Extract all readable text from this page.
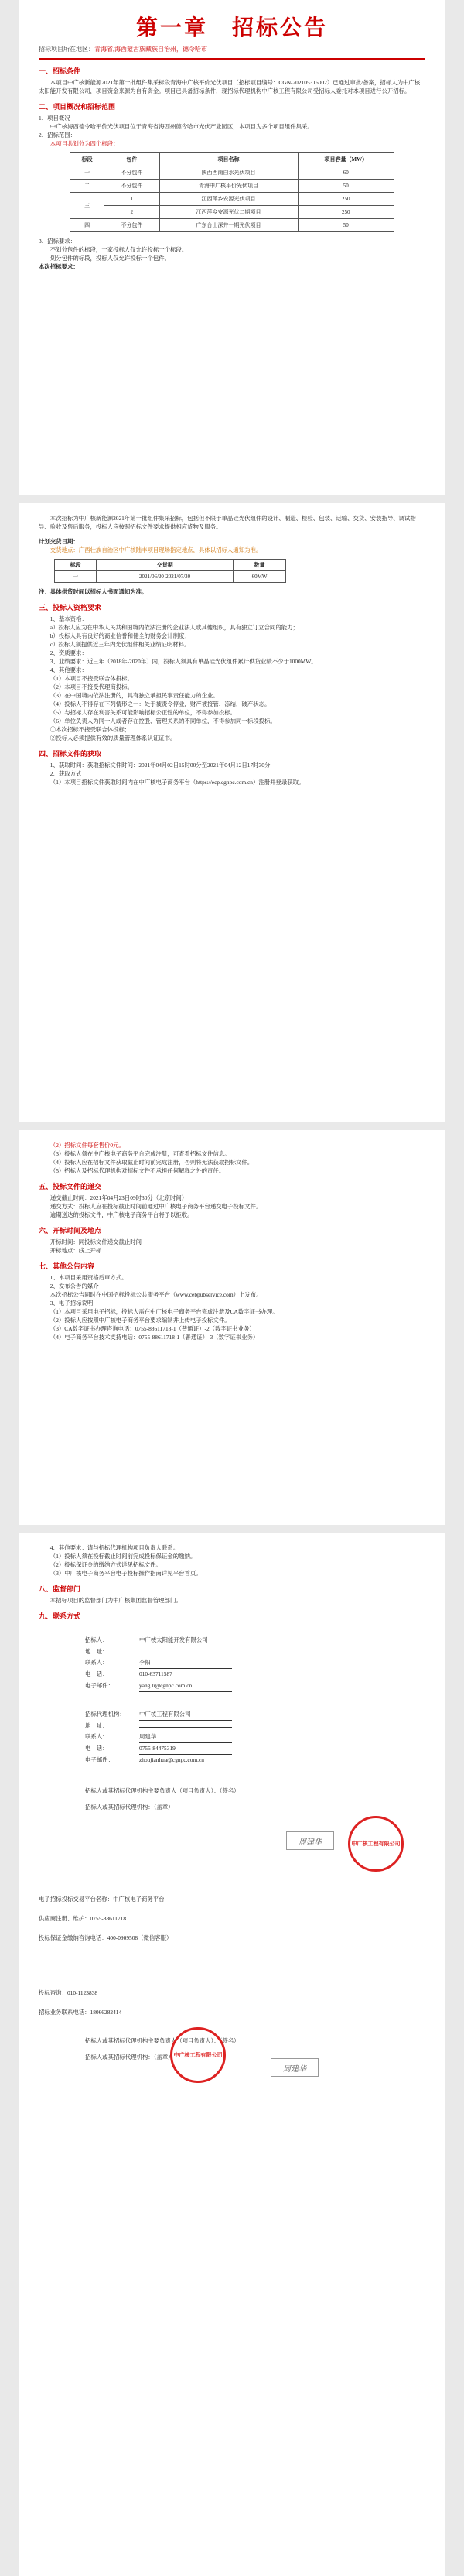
第一章　招标公告
招标项目所在地区：青海省,海西蒙古族藏族自治州，德令哈市
一、招标条件

本项目中广核新能源2021年第一批组件集采标段青海中广核平价光伏项目（招标项目编号：CGN-202105316002）已通过审批/备案，招标人为中广核太阳能开发有限公司，项目资金来源为自有资金。项目已具备招标条件，现招标代理机构中广核工程有限公司受招标人委托对本项目进行公开招标。

二、项目概况和招标范围

1、项目概况

中广核海西德令哈平价光伏项目位于青海省海西州德令哈市光伏产业园区，本项目为多个项目组件集采。

2、招标范围：

本项目共划分为四个标段：

标段	包件	项目名称	项目容量（MW）
一	不分包件	陕西西南白水光伏项目	60
二	不分包件	青海中广核平价光伏项目	50
三	1	江西萍乡安源光伏项目	250
	2	江西萍乡安源光伏二期项目	250
四	不分包件	广东台山深井一期光伏项目	50

3、招标要求：

不划分包件的标段，一家投标人仅允许投标一个标段。

划分包件的标段，投标人仅允许投标一个包件。

本次招标要求：

本次招标为中广核新能源2021年第一批组件集采招标，包括但不限于单晶硅光伏组件的设计、制造、检验、包装、运输、交货、安装指导、调试指导、验收及售后服务，投标人应按照招标文件要求提供相应货物及服务。

计划交货日期：

交货地点：广西壮族自治区中广核陆丰项目现场指定地点，具体以招标人通知为准。

标段	交货期	数量
一	2021/06/20-2021/07/30	60MW

注：具体供货时间以招标人书面通知为准。

三、投标人资格要求

1、基本资格：

a）投标人应为在中华人民共和国境内依法注册的企业法人或其他组织，具有独立订立合同的能力；

b）投标人具有良好的商业信誉和健全的财务会计制度；

c）投标人须提供近三年内光伏组件相关业绩证明材料。

2、资质要求：

3、业绩要求：近三年（2018年-2020年）内，投标人须具有单晶硅光伏组件累计供货业绩不少于1000MW。

4、其他要求：

（1）本项目不接受联合体投标。

（2）本项目不接受代理商投标。

（3）在中国境内依法注册的，具有独立承担民事责任能力的企业。

（4）投标人不得存在下列情形之一：处于被责令停业，财产被接管、冻结，破产状态。

（5）与招标人存在利害关系可能影响招标公正性的单位，不得参加投标。

（6）单位负责人为同一人或者存在控股、管理关系的不同单位，不得参加同一标段投标。

①本次招标不接受联合体投标；

②投标人必须提供有效的质量管理体系认证证书。

四、招标文件的获取

1、获取时间：获取招标文件时间：2021年04月02日15时00分至2021年04月12日17时30分

2、获取方式

（1）本项目招标文件获取时间内在中广核电子商务平台（https://ecp.cgnpc.com.cn）注册并登录获取。

（2）招标文件每套售价0元。

（3）投标人须在中广核电子商务平台完成注册，可查看招标文件信息。

（4）投标人应在招标文件获取截止时间前完成注册，否则将无法获取招标文件。

（5）招标人及招标代理机构对招标文件不承担任何解释之外的责任。

五、投标文件的递交

递交截止时间：2021年04月23日09时30分（北京时间）

递交方式：投标人应在投标截止时间前通过中广核电子商务平台递交电子投标文件。

逾期送达的投标文件，中广核电子商务平台将予以拒收。

六、开标时间及地点

开标时间：同投标文件递交截止时间

开标地点：线上开标

七、其他公告内容

1、本项目采用资格后审方式。

2、发布公告的媒介

本次招标公告同时在中国招标投标公共服务平台（www.cebpubservice.com）上发布。

3、电子招标说明

（1）本项目采用电子招标，投标人需在中广核电子商务平台完成注册及CA数字证书办理。

（2）投标人应按照中广核电子商务平台要求编制并上传电子投标文件。

（3）CA数字证书办理咨询电话：0755-88611718-1（普通证）-2（数字证书业务）

（4）电子商务平台技术支持电话：0755-88611718-1（普通证）-3（数字证书业务）

4、其他要求：请与招标代理机构项目负责人联系。

（1）投标人须在投标截止时间前完成投标保证金的缴纳。

（2）投标保证金的缴纳方式详见招标文件。

（3）中广核电子商务平台电子投标操作指南详见平台首页。

八、监督部门

本招标项目的监督部门为中广核集团监督管理部门。

九、联系方式
招标人：	中广核太阳能开发有限公司
地　址：
联系人：	李阳
电　话：	010-63711587
电子邮件：	yang.li@cgnpc.com.cn
招标代理机构： 中广核工程有限公司
地　址：
联系人：	周建华
电　话：	0755-84475319
电子邮件：	zhoujianhua@cgnpc.com.cn

招标人或其招标代理机构主要负责人（项目负责人）：（签名）

招标人或其招标代理机构：（盖章）

中广核工程有限公司
周建华

电子招标投标交易平台名称：中广核电子商务平台

供应商注册、维护：0755-88611718

投标保证金缴纳咨询电话：400-0909508（微信客服）

投标咨询：010-1123838

招标业务联系电话：18066282414

招标人或其招标代理机构主要负责人（项目负责人）：（签名）

招标人或其招标代理机构：（盖章） 中广核工程有限公司
周建华
